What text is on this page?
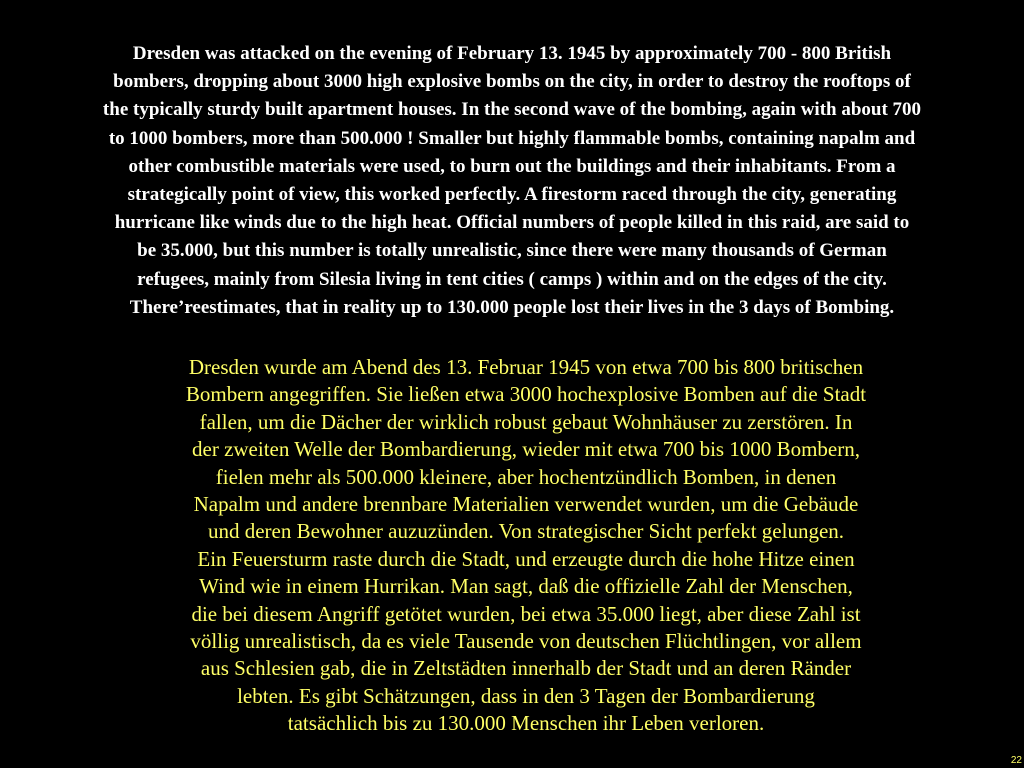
Dresden was attacked on the evening of February 13. 1945 by approximately 700 - 800 British
bombers, dropping about 3000 high explosive bombs on the city, in order to destroy the rooftops of
the typically sturdy built apartment houses. In the second wave of the bombing, again with about 700
to 1000 bombers, more than 500.000 ! Smaller but highly flammable bombs, containing napalm and
other combustible materials were used, to burn out the buildings and their inhabitants. From a
strategically point of view, this worked perfectly. A firestorm raced through the city, generating
hurricane like winds due to the high heat. Official numbers of people killed in this raid, are said to
be 35.000, but this number is totally unrealistic, since there were many thousands of German
refugees, mainly from Silesia living in tent cities ( camps ) within and on the edges of the city.
There’reestimates, that in reality up to 130.000 people lost their lives in the 3 days of Bombing.

Dresden wurde am Abend des 13. Februar 1945 von etwa 700 bis 800 britischen
Bombern angegriffen. Sie ließen etwa 3000 hochexplosive Bomben auf die Stadt
fallen, um die Dächer der wirklich robust gebaut Wohnhäuser zu zerstören. In
der zweiten Welle der Bombardierung, wieder mit etwa 700 bis 1000 Bombern,
fielen mehr als 500.000 kleinere, aber hochentzündlich Bomben, in denen
Napalm und andere brennbare Materialien verwendet wurden, um die Gebäude
und deren Bewohner auzuzünden. Von strategischer Sicht perfekt gelungen.
Ein Feuersturm raste durch die Stadt, und erzeugte durch die hohe Hitze einen
Wind wie in einem Hurrikan. Man sagt, daß die offizielle Zahl der Menschen,
die bei diesem Angriff getötet wurden, bei etwa 35.000 liegt, aber diese Zahl ist
völlig unrealistisch, da es viele Tausende von deutschen Flüchtlingen, vor allem
aus Schlesien gab, die in Zeltstädten innerhalb der Stadt und an deren Ränder
lebten. Es gibt Schätzungen, dass in den 3 Tagen der Bombardierung
tatsächlich bis zu 130.000 Menschen ihr Leben verloren.

22
